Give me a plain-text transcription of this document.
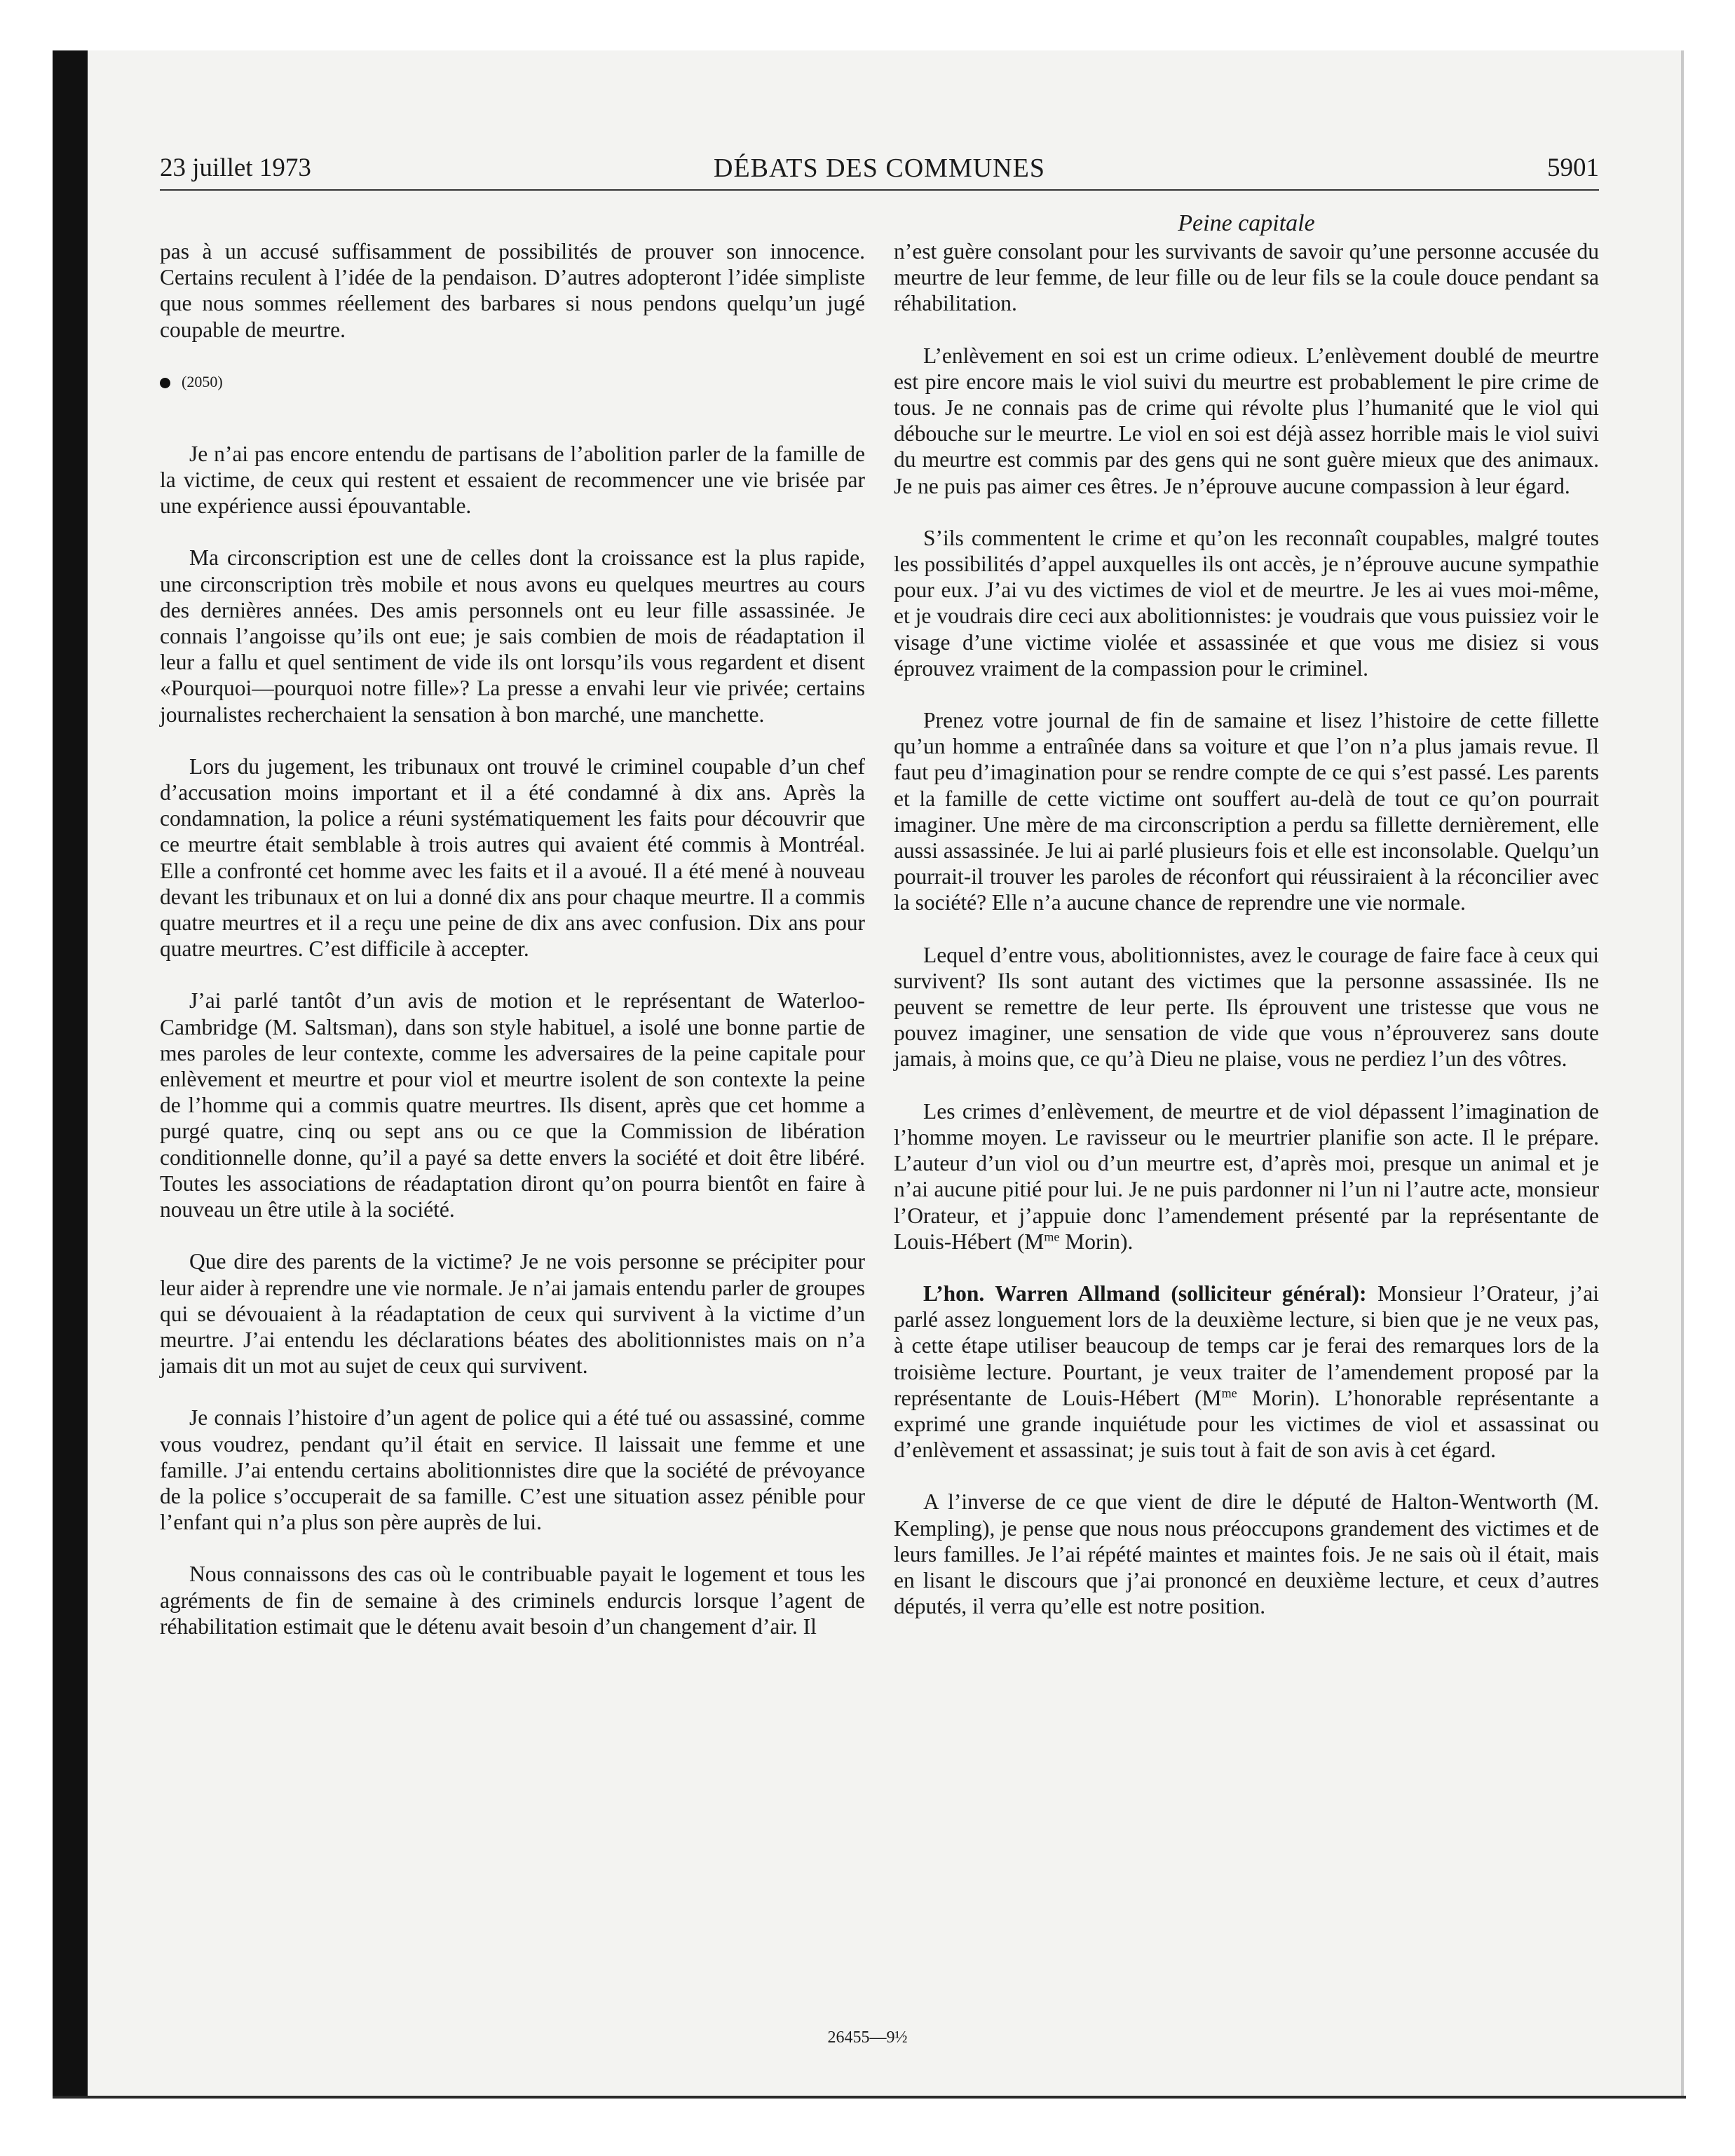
23 juillet 1973	DÉBATS DES COMMUNES	5901
Peine capitale

pas à un accusé suffisamment de possibilités de prouver son innocence. Certains reculent à l’idée de la pendaison. D’autres adopteront l’idée simpliste que nous sommes réellement des barbares si nous pendons quelqu’un jugé coupable de meurtre.

(2050)

Je n’ai pas encore entendu de partisans de l’abolition parler de la famille de la victime, de ceux qui restent et essaient de recommencer une vie brisée par une expérience aussi épouvantable.

Ma circonscription est une de celles dont la croissance est la plus rapide, une circonscription très mobile et nous avons eu quelques meurtres au cours des dernières années. Des amis personnels ont eu leur fille assassinée. Je connais l’angoisse qu’ils ont eue; je sais combien de mois de réadaptation il leur a fallu et quel sentiment de vide ils ont lorsqu’ils vous regardent et disent «Pourquoi—pourquoi notre fille»? La presse a envahi leur vie privée; certains journalistes recherchaient la sensation à bon marché, une manchette.

Lors du jugement, les tribunaux ont trouvé le criminel coupable d’un chef d’accusation moins important et il a été condamné à dix ans. Après la condamnation, la police a réuni systématiquement les faits pour découvrir que ce meurtre était semblable à trois autres qui avaient été commis à Montréal. Elle a confronté cet homme avec les faits et il a avoué. Il a été mené à nouveau devant les tribunaux et on lui a donné dix ans pour chaque meurtre. Il a commis quatre meurtres et il a reçu une peine de dix ans avec confusion. Dix ans pour quatre meurtres. C’est difficile à accepter.

J’ai parlé tantôt d’un avis de motion et le représentant de Waterloo-Cambridge (M. Saltsman), dans son style habituel, a isolé une bonne partie de mes paroles de leur contexte, comme les adversaires de la peine capitale pour enlèvement et meurtre et pour viol et meurtre isolent de son contexte la peine de l’homme qui a commis quatre meurtres. Ils disent, après que cet homme a purgé quatre, cinq ou sept ans ou ce que la Commission de libération conditionnelle donne, qu’il a payé sa dette envers la société et doit être libéré. Toutes les associations de réadaptation diront qu’on pourra bientôt en faire à nouveau un être utile à la société.

Que dire des parents de la victime? Je ne vois personne se précipiter pour leur aider à reprendre une vie normale. Je n’ai jamais entendu parler de groupes qui se dévouaient à la réadaptation de ceux qui survivent à la victime d’un meurtre. J’ai entendu les déclarations béates des abolitionnistes mais on n’a jamais dit un mot au sujet de ceux qui survivent.

Je connais l’histoire d’un agent de police qui a été tué ou assassiné, comme vous voudrez, pendant qu’il était en service. Il laissait une femme et une famille. J’ai entendu certains abolitionnistes dire que la société de prévoyance de la police s’occuperait de sa famille. C’est une situation assez pénible pour l’enfant qui n’a plus son père auprès de lui.

Nous connaissons des cas où le contribuable payait le logement et tous les agréments de fin de semaine à des criminels endurcis lorsque l’agent de réhabilitation estimait que le détenu avait besoin d’un changement d’air. Il

n’est guère consolant pour les survivants de savoir qu’une personne accusée du meurtre de leur femme, de leur fille ou de leur fils se la coule douce pendant sa réhabilitation.

L’enlèvement en soi est un crime odieux. L’enlèvement doublé de meurtre est pire encore mais le viol suivi du meurtre est probablement le pire crime de tous. Je ne connais pas de crime qui révolte plus l’humanité que le viol qui débouche sur le meurtre. Le viol en soi est déjà assez horrible mais le viol suivi du meurtre est commis par des gens qui ne sont guère mieux que des animaux. Je ne puis pas aimer ces êtres. Je n’éprouve aucune compassion à leur égard.

S’ils commentent le crime et qu’on les reconnaît coupables, malgré toutes les possibilités d’appel auxquelles ils ont accès, je n’éprouve aucune sympathie pour eux. J’ai vu des victimes de viol et de meurtre. Je les ai vues moi-même, et je voudrais dire ceci aux abolitionnistes: je voudrais que vous puissiez voir le visage d’une victime violée et assassinée et que vous me disiez si vous éprouvez vraiment de la compassion pour le criminel.

Prenez votre journal de fin de samaine et lisez l’histoire de cette fillette qu’un homme a entraînée dans sa voiture et que l’on n’a plus jamais revue. Il faut peu d’imagination pour se rendre compte de ce qui s’est passé. Les parents et la famille de cette victime ont souffert au-delà de tout ce qu’on pourrait imaginer. Une mère de ma circonscription a perdu sa fillette dernièrement, elle aussi assassinée. Je lui ai parlé plusieurs fois et elle est inconsolable. Quelqu’un pourrait-il trouver les paroles de réconfort qui réussiraient à la réconcilier avec la société? Elle n’a aucune chance de reprendre une vie normale.

Lequel d’entre vous, abolitionnistes, avez le courage de faire face à ceux qui survivent? Ils sont autant des victimes que la personne assassinée. Ils ne peuvent se remettre de leur perte. Ils éprouvent une tristesse que vous ne pouvez imaginer, une sensation de vide que vous n’éprouverez sans doute jamais, à moins que, ce qu’à Dieu ne plaise, vous ne perdiez l’un des vôtres.

Les crimes d’enlèvement, de meurtre et de viol dépassent l’imagination de l’homme moyen. Le ravisseur ou le meurtrier planifie son acte. Il le prépare. L’auteur d’un viol ou d’un meurtre est, d’après moi, presque un animal et je n’ai aucune pitié pour lui. Je ne puis pardonner ni l’un ni l’autre acte, monsieur l’Orateur, et j’appuie donc l’amendement présenté par la représentante de Louis-Hébert ($M^{me}$ Morin).

L’hon. Warren Allmand (solliciteur général): Monsieur l’Orateur, j’ai parlé assez longuement lors de la deuxième lecture, si bien que je ne veux pas, à cette étape utiliser beaucoup de temps car je ferai des remarques lors de la troisième lecture. Pourtant, je veux traiter de l’amendement proposé par la représentante de Louis-Hébert ($M^{me}$ Morin). L’honorable représentante a exprimé une grande inquiétude pour les victimes de viol et assassinat ou d’enlèvement et assassinat; je suis tout à fait de son avis à cet égard.

A l’inverse de ce que vient de dire le député de Halton-Wentworth (M. Kempling), je pense que nous nous préoccupons grandement des victimes et de leurs familles. Je l’ai répété maintes et maintes fois. Je ne sais où il était, mais en lisant le discours que j’ai prononcé en deuxième lecture, et ceux d’autres députés, il verra qu’elle est notre position.

26455—9½
